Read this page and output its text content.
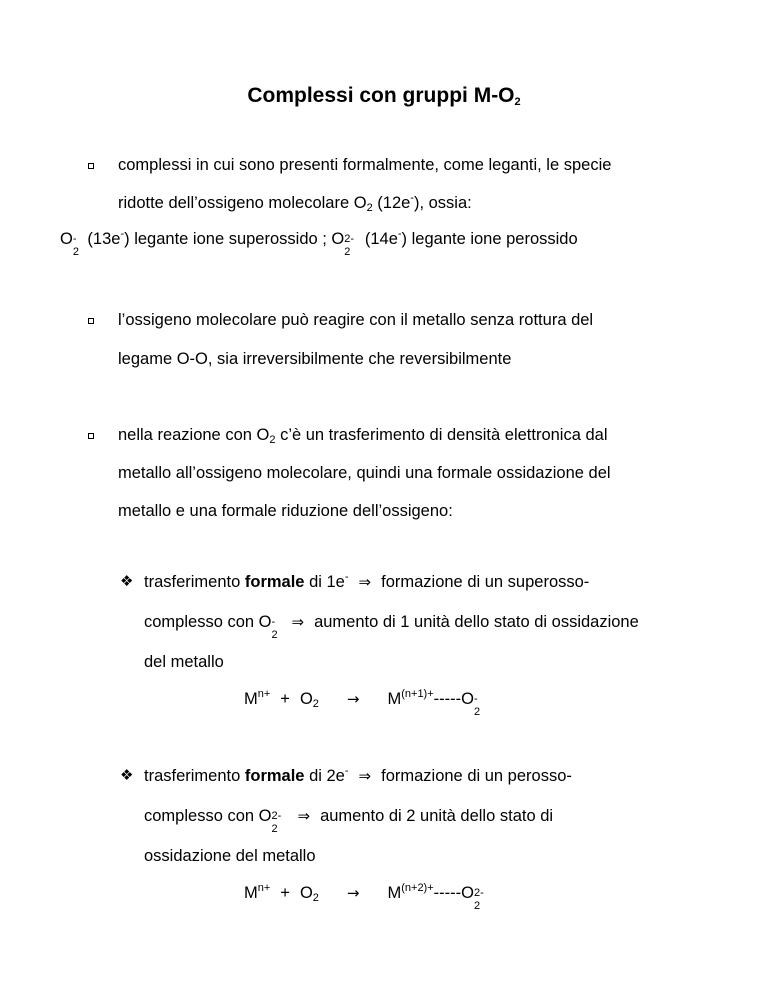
Complessi con gruppi $M-O_2$
complessi in cui sono presenti formalmente, come leganti, le specie
ridotte dell’ossigeno molecolare $O_2$ (12e-), ossia:
O -
2
(13e-) legante ione superossido ; O 2-
2
(14e-) legante ione perossido
l’ossigeno molecolare può reagire con il metallo senza rottura del
legame O-O, sia irreversibilmente che reversibilmente
nella reazione con $O_2$ c’è un trasferimento di densità elettronica dal
metallo all’ossigeno molecolare, quindi una formale ossidazione del
metallo e una formale riduzione dell’ossigeno:
❖ trasferimento formale di 1e- ⇒ formazione di un superosso-
complesso con O -
2
⇒ aumento di 1 unità dello stato di ossidazione
del metallo
$M^{n+} + O_2 \to M^{(n+1)+}-----O$ -
2
❖ trasferimento formale di 2e- ⇒ formazione di un perosso-
complesso con O 2-
2
⇒ aumento di 2 unità dello stato di
ossidazione del metallo
$M^{n+} + O_2 \to M^{(n+2)+}-----O$ 2-
2
